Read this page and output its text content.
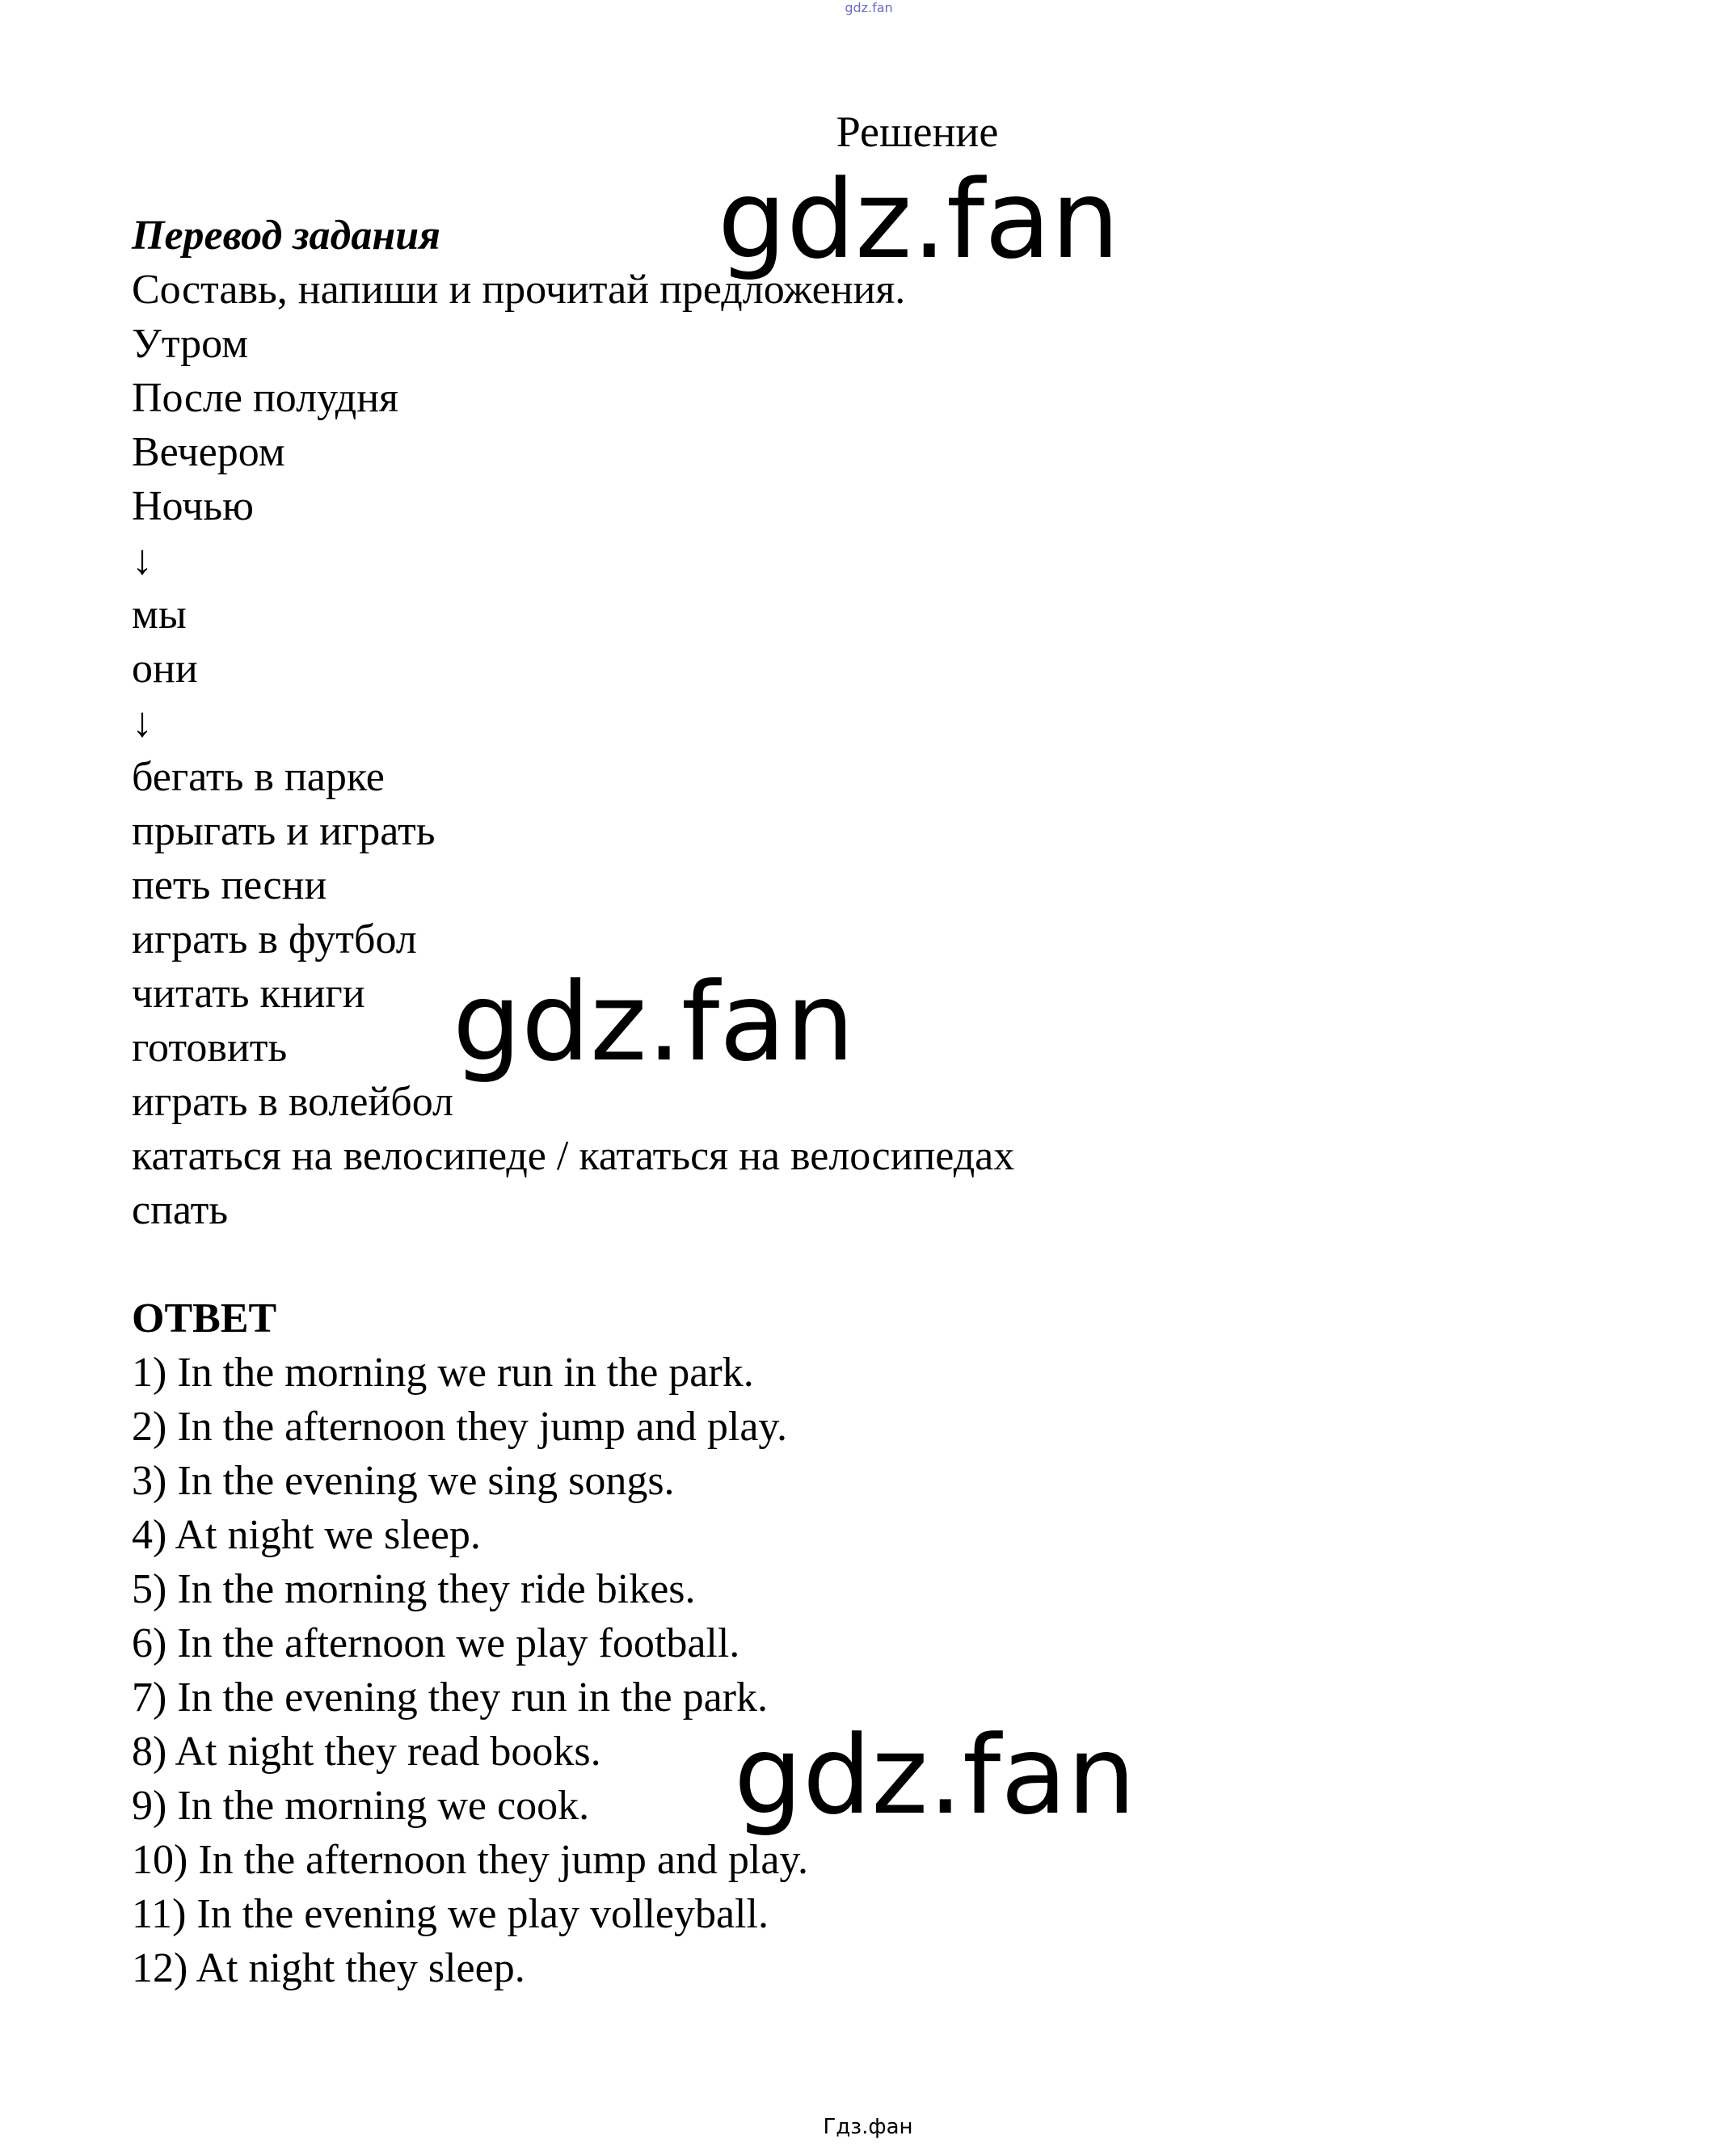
gdz.fan
Решение
Перевод задания
Составь, напиши и прочитай предложения.
Утром
После полудня
Вечером
Ночью
↓
мы
они
↓
бегать в парке
прыгать и играть
петь песни
играть в футбол
читать книги
готовить
играть в волейбол
кататься на велосипеде / кататься на велосипедах
спать
ОТВЕТ
1) In the morning we run in the park.
2) In the afternoon they jump and play.
3) In the evening we sing songs.
4) At night we sleep.
5) In the morning they ride bikes.
6) In the afternoon we play football.
7) In the evening they run in the park.
8) At night they read books.
9) In the morning we cook.
10) In the afternoon they jump and play.
11) In the evening we play volleyball.
12) At night they sleep.
gdz.fan
gdz.fan
gdz.fan
Гдз.фан
